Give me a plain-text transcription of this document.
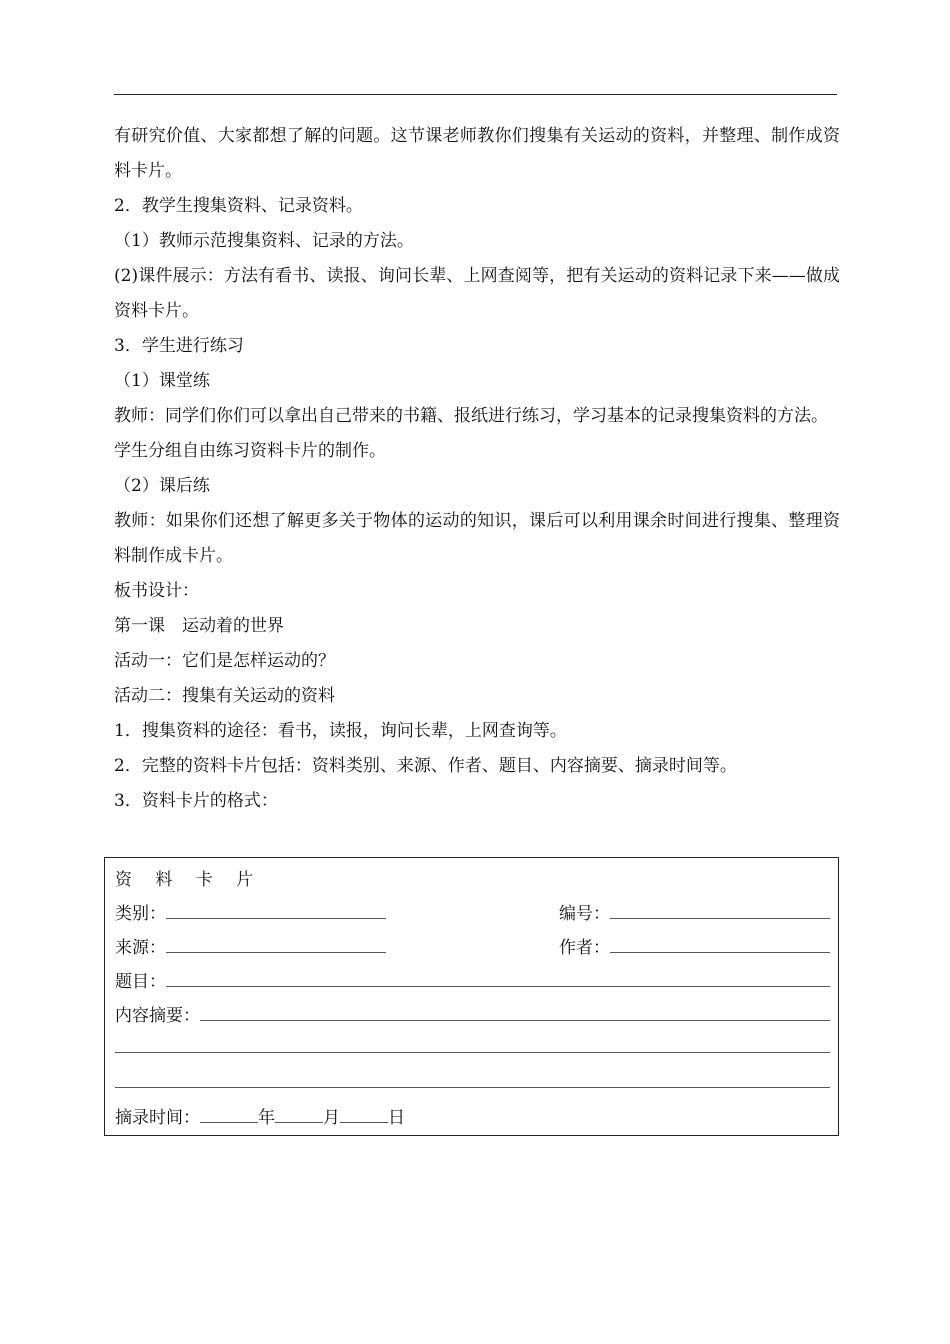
有研究价值、大家都想了解的问题。这节课老师教你们搜集有关运动的资料，并整理、制作成资料卡片。
2．教学生搜集资料、记录资料。
（1）教师示范搜集资料、记录的方法。
(2)课件展示：方法有看书、读报、询问长辈、上网查阅等，把有关运动的资料记录下来——做成资料卡片。
3．学生进行练习
（1）课堂练
教师：同学们你们可以拿出自己带来的书籍、报纸进行练习，学习基本的记录搜集资料的方法。
学生分组自由练习资料卡片的制作。
（2）课后练
教师：如果你们还想了解更多关于物体的运动的知识，课后可以利用课余时间进行搜集、整理资料制作成卡片。
板书设计：
第一课　运动着的世界
活动一：它们是怎样运动的？
活动二：搜集有关运动的资料
1．搜集资料的途径：看书，读报，询问长辈，上网查询等。
2．完整的资料卡片包括：资料类别、来源、作者、题目、内容摘要、摘录时间等。
3．资料卡片的格式：
资 料 卡 片
类别：	编号：
来源：	作者：
题目：
内容摘要：
摘录时间：	年	月	日
